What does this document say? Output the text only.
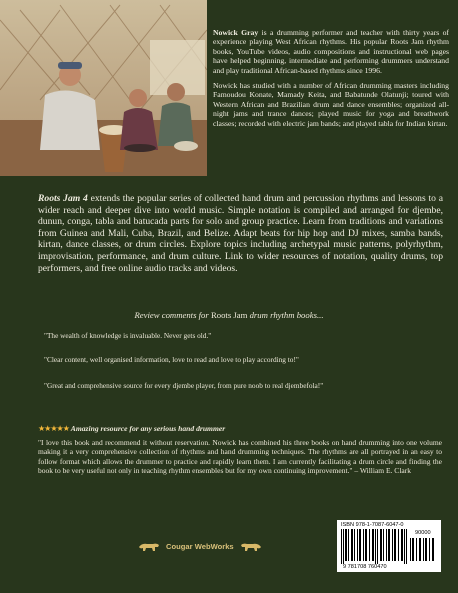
Nowick Gray is a drumming performer and teacher with thirty years of experience playing West African rhythms. His popular Roots Jam rhythm books, YouTube videos, audio compositions and instructional web pages have helped beginning, intermediate and performing drummers understand and play traditional African-based rhythms since 1996.

Nowick has studied with a number of African drumming masters including Famoudou Konate, Mamady Keita, and Babatunde Olatunji; toured with Western African and Brazilian drum and dance ensembles; organized all-night jams and trance dances; played music for yoga and breathwork classes; recorded with electric jam bands; and played tabla for Indian kirtan.

Roots Jam 4 extends the popular series of collected hand drum and percussion rhythms and lessons to a wider reach and deeper dive into world music. Simple notation is compiled and arranged for djembe, dunun, conga, tabla and batucada parts for solo and group practice. Learn from traditions and variations from Guinea and Mali, Cuba, Brazil, and Belize. Adapt beats for hip hop and DJ mixes, samba bands, kirtan, dance classes, or drum circles. Explore topics including archetypal music patterns, polyrhythm, improvisation, performance, and drum culture. Link to wider resources of notation, quality drums, top performers, and free online audio tracks and videos.

Review comments for Roots Jam drum rhythm books...
"The wealth of knowledge is invaluable. Never gets old."
"Clear content, well organised information, love to read and love to play according to!"
"Great and comprehensive source for every djembe player, from pure noob to real djembefola!"
★★★★★ Amazing resource for any serious hand drummer
"I love this book and recommend it without reservation. Nowick has combined his three books on hand drumming into one volume making it a very comprehensive collection of rhythms and hand drumming techniques. The rhythms are all portrayed in an easy to follow format which allows the drummer to practice and rapidly learn them. I am currently facilitating a drum circle and finding the book to be very useful not only in teaching rhythm ensembles but for my own continuing improvement." – William E. Clark
Cougar WebWorks
ISBN 978-1-7087-6047-0
90000
9 781708 760470
